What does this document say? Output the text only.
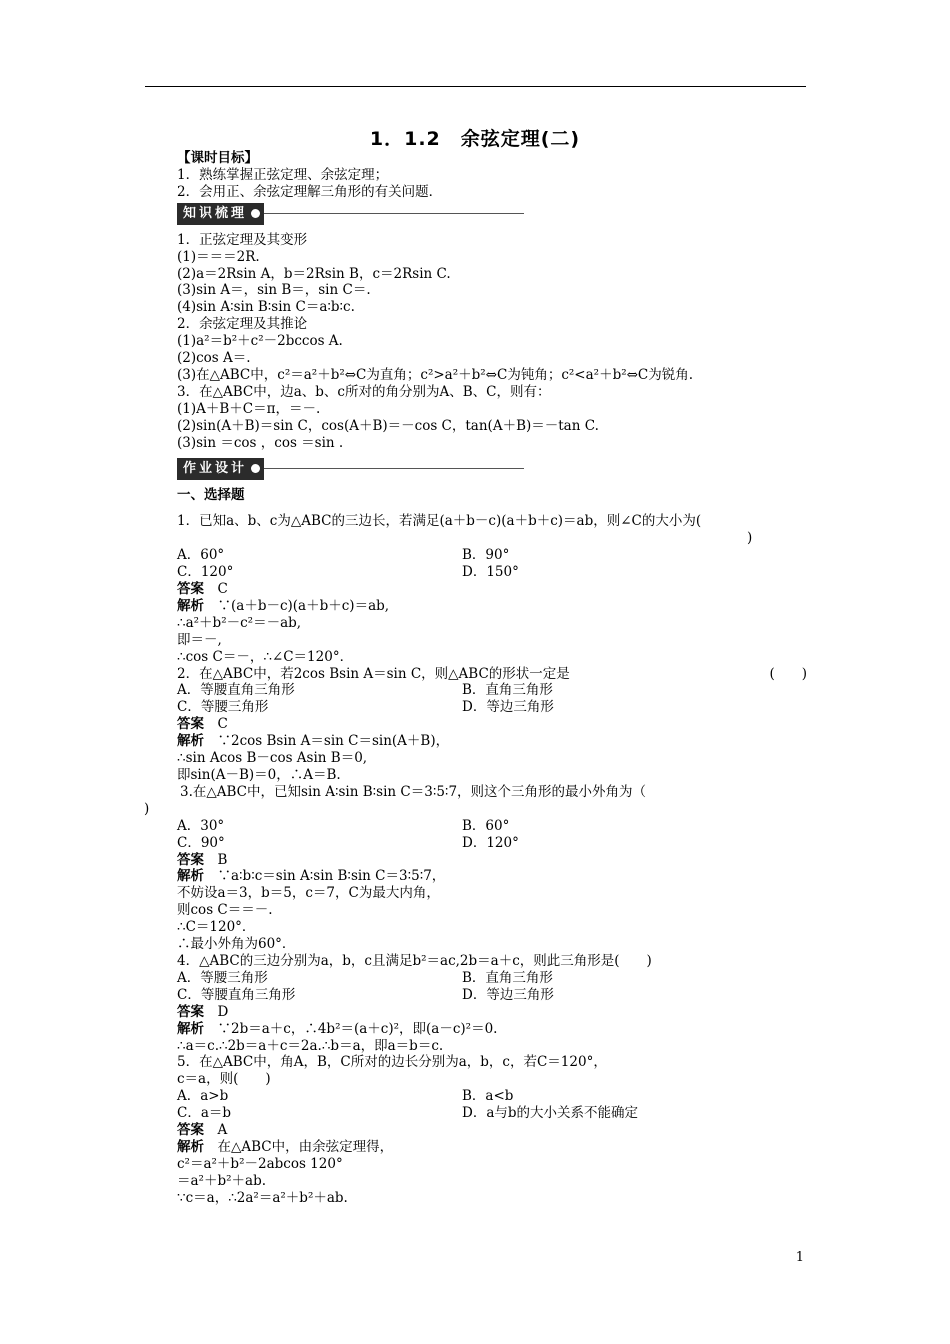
1．1.2　余弦定理(二)
【课时目标】
1．熟练掌握正弦定理、余弦定理；
2．会用正、余弦定理解三角形的有关问题．
知识梳理
1．正弦定理及其变形
(1)＝＝＝2R.
(2)a＝2Rsin A，b＝2Rsin B，c＝2Rsin C.
(3)sin A＝，sin B＝，sin C＝.
(4)sin A∶sin B∶sin C＝a∶b∶c.
2．余弦定理及其推论
(1)a²＝b²＋c²－2bccos A.
(2)cos A＝.
(3)在△ABC中，c²＝a²＋b²⇔C为直角；c²>a²＋b²⇔C为钝角；c²<a²＋b²⇔C为锐角.
3．在△ABC中，边a、b、c所对的角分别为A、B、C，则有：
(1)A＋B＋C＝π，＝－.
(2)sin(A＋B)＝sin C，cos(A＋B)＝－cos C，tan(A＋B)＝－tan C.
(3)sin ＝cos ，cos ＝sin .
作业设计
一、选择题
1．已知a、b、c为△ABC的三边长，若满足(a＋b－c)(a＋b＋c)＝ab，则∠C的大小为(
)
A．60°	B．90°
C．120°	D．150°
答案　 C
解析　 ∵(a＋b－c)(a＋b＋c)＝ab,
∴a²＋b²－c²＝－ab,
即＝－,
∴cos C＝－，∴∠C＝120°．
2．在△ABC中，若2cos Bsin A＝sin C，则△ABC的形状一定是	(　　)
A．等腰直角三角形	B．直角三角形
C．等腰三角形	D．等边三角形
答案　 C
解析　 ∵2cos Bsin A＝sin C＝sin(A＋B)，
∴sin Acos B－cos Asin B＝0,
即sin(A－B)＝0，∴A＝B.
3.在△ABC中，已知sin A∶sin B∶sin C＝3∶5∶7，则这个三角形的最小外角为（
)
A．30°	B．60°
C．90°	D．120°
答案　 B
解析　 ∵a∶b∶c＝sin A∶sin B∶sin C＝3∶5∶7，
不妨设a＝3，b＝5，c＝7，C为最大内角，
则cos C＝＝－.
∴C＝120°．
∴最小外角为60°．
4．△ABC的三边分别为a，b，c且满足b²＝ac,2b＝a＋c，则此三角形是(　　)
A．等腰三角形	B．直角三角形
C．等腰直角三角形	D．等边三角形
答案　 D
解析　 ∵2b＝a＋c，∴4b²＝(a＋c)²，即(a－c)²＝0.
∴a＝c.∴2b＝a＋c＝2a.∴b＝a，即a＝b＝c.
5．在△ABC中，角A，B，C所对的边长分别为a，b，c，若C＝120°，
c＝a，则(　　)
A．a>b	B．a<b
C．a＝b	D．a与b的大小关系不能确定
答案　 A
解析　 在△ABC中，由余弦定理得，
c²＝a²＋b²－2abcos 120°
＝a²＋b²＋ab.
∵c＝a，∴2a²＝a²＋b²＋ab.
1
